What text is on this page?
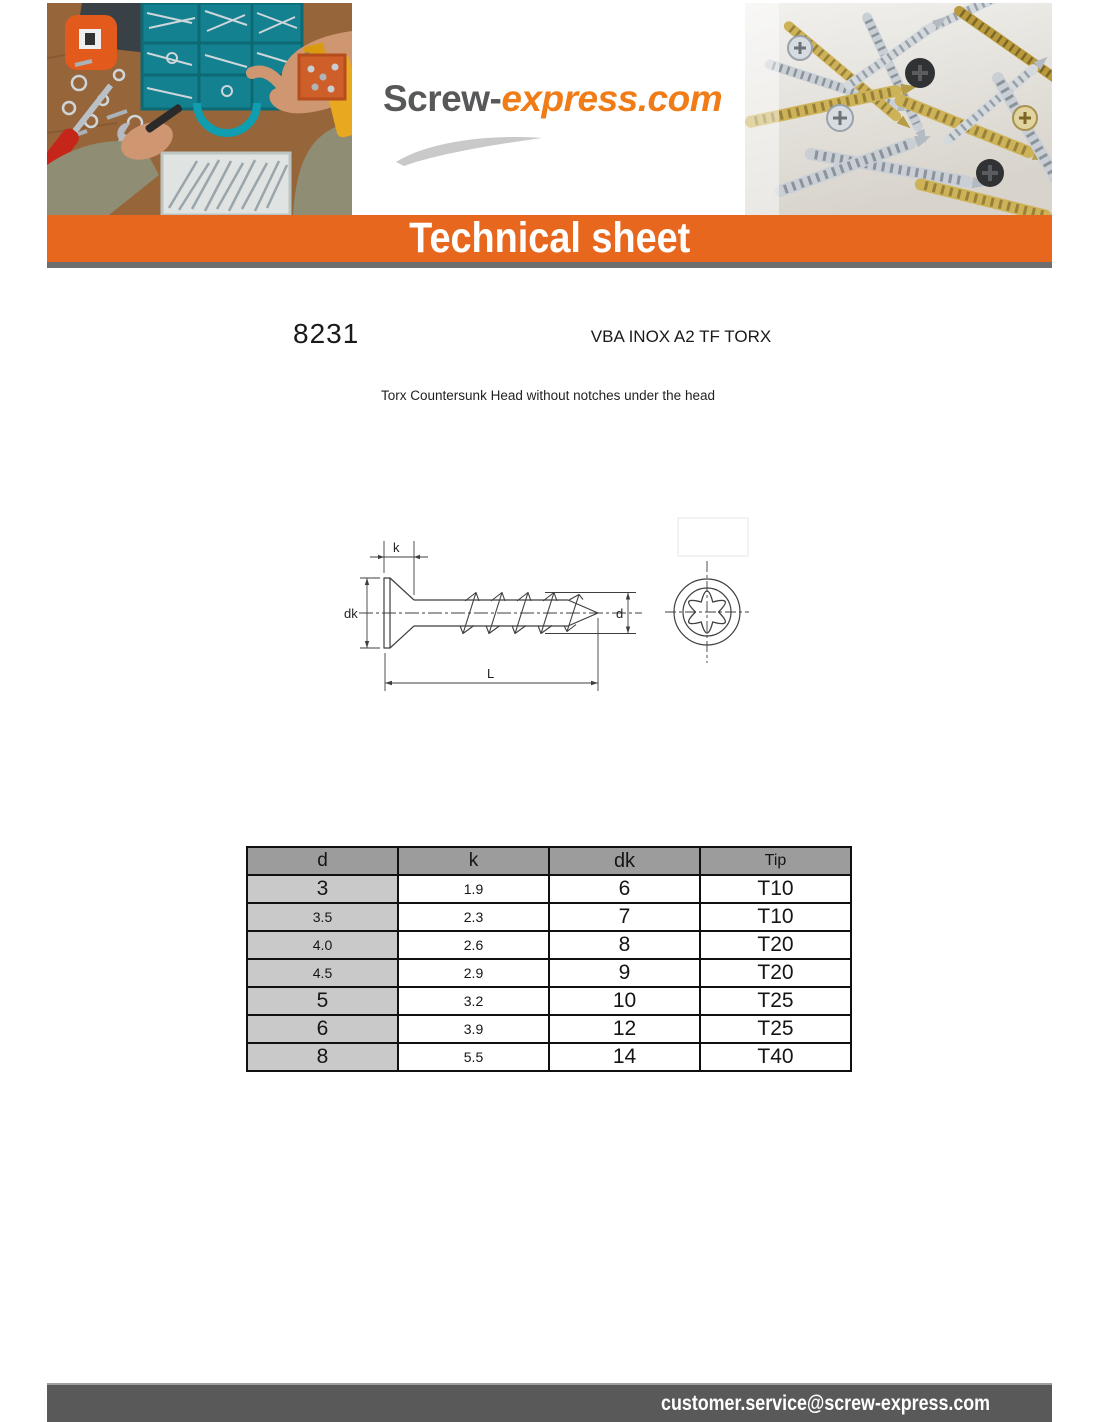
Screw-express.com
Technical sheet
8231	VBA INOX A2 TF TORX
Torx Countersunk Head without notches under the head
k
dk	d
L
d	k	dk	Tip
3	1.9	6	T10
3.5	2.3	7	T10
4.0	2.6	8	T20
4.5	2.9	9	T20
5	3.2	10	T25
6	3.9	12	T25
8	5.5	14	T40
customer.service@screw-express.com
